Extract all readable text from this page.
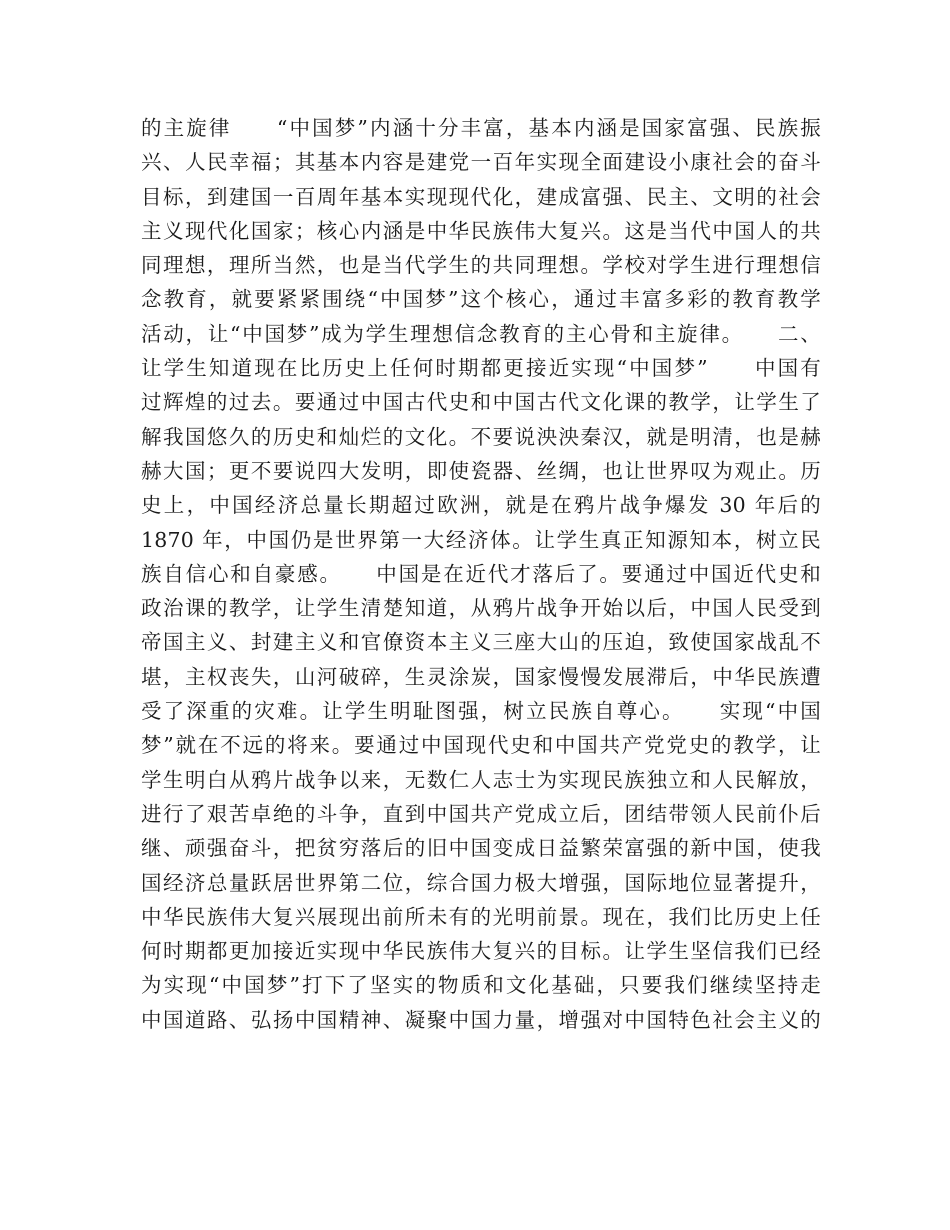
的主旋律　　“中国梦”内涵十分丰富，基本内涵是国家富强、民族振
兴、人民幸福；其基本内容是建党一百年实现全面建设小康社会的奋斗
目标，到建国一百周年基本实现现代化，建成富强、民主、文明的社会
主义现代化国家；核心内涵是中华民族伟大复兴。这是当代中国人的共
同理想，理所当然，也是当代学生的共同理想。学校对学生进行理想信
念教育，就要紧紧围绕“中国梦”这个核心，通过丰富多彩的教育教学
活动，让“中国梦”成为学生理想信念教育的主心骨和主旋律。　　二、
让学生知道现在比历史上任何时期都更接近实现“中国梦”　　中国有
过辉煌的过去。要通过中国古代史和中国古代文化课的教学，让学生了
解我国悠久的历史和灿烂的文化。不要说泱泱秦汉，就是明清，也是赫
赫大国；更不要说四大发明，即使瓷器、丝绸，也让世界叹为观止。历
史上，中国经济总量长期超过欧洲，就是在鸦片战争爆发 30 年后的
1870 年，中国仍是世界第一大经济体。让学生真正知源知本，树立民
族自信心和自豪感。　　中国是在近代才落后了。要通过中国近代史和
政治课的教学，让学生清楚知道，从鸦片战争开始以后，中国人民受到
帝国主义、封建主义和官僚资本主义三座大山的压迫，致使国家战乱不
堪，主权丧失，山河破碎，生灵涂炭，国家慢慢发展滞后，中华民族遭
受了深重的灾难。让学生明耻图强，树立民族自尊心。　　实现“中国
梦”就在不远的将来。要通过中国现代史和中国共产党党史的教学，让
学生明白从鸦片战争以来，无数仁人志士为实现民族独立和人民解放，
进行了艰苦卓绝的斗争，直到中国共产党成立后，团结带领人民前仆后
继、顽强奋斗，把贫穷落后的旧中国变成日益繁荣富强的新中国，使我
国经济总量跃居世界第二位，综合国力极大增强，国际地位显著提升，
中华民族伟大复兴展现出前所未有的光明前景。现在，我们比历史上任
何时期都更加接近实现中华民族伟大复兴的目标。让学生坚信我们已经
为实现“中国梦”打下了坚实的物质和文化基础，只要我们继续坚持走
中国道路、弘扬中国精神、凝聚中国力量，增强对中国特色社会主义的
